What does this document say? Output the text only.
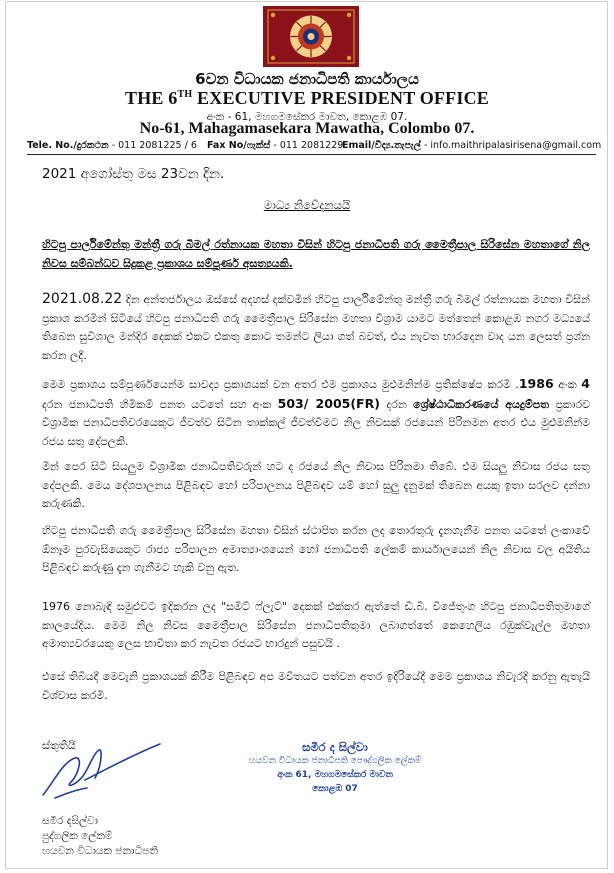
6වන විධායක ජනාධිපති කාර්යාලය
THE 6TH EXECUTIVE PRESIDENT OFFICE
අංක - 61, මහගමසේකර මාවත, කොළඹ 07.
No-61, Mahagamasekara Mawatha, Colombo 07.
Tele. No./දුරකථන - 011 2081225 / 6 Fax No/ෆැක්ස් - 011 2081229
Email/විද්‍ය.තැපැල් - info.maithripalasirisena@gmail.com
2021 අගෝස්තු මස 23වන දින.
මාධ්‍ය නිවේදනයයි
හිටපු පාර්ලිමේන්තු මන්ත්‍රී ගරු බිමල් රත්නායක මහතා විසින් හිටපු ජනාධිපති ගරු මෛත්‍රීපාල සිරිසේන මහතාගේ නිල නිවස සම්බන්ධව සිදුකළ ප්‍රකාශය සම්පූර්ණ අසත්‍යයකි.
2021.08.22 දින අන්තර්ජාලය ඔස්සේ අදහස් දක්වමින් හිටපු පාර්ලිමේන්තු මන්ත්‍රී ගරු බිමල් රත්නායක මහතා විසින් ප්‍රකාශ කරමින් සිටියේ හිටපු ජනාධිපති ගරු මෛත්‍රීපාල සිරිසේන මහතා විශ්‍රාම යාමට මත්තෙන් කොළඹ නගර මධ්‍යයේ තිබෙන සුවිශාල මන්දිර දෙකක් එකට එකතු කොට තමන්ට ලියා ගත් බවත්, එය නැවත භාරදෙන වාද යන ලෙසත් ප්‍රශ්න කරන ලදී.
මෙම ප්‍රකාශය සම්පූර්ණයෙන්ම සාවද්‍ය ප්‍රකාශයක් වන අතර එම ප්‍රකාශය මුළුමනින්ම ප්‍රතික්ෂේප කරමි .1986 අංක 4 දරන ජනාධිපති හිමිකම් පනත යටතේ සහ අංක 503/ 2005(FR) දරන ශ්‍රේෂ්ඨාධිකරණයේ අයදුම්පත ප්‍රකාරව විශ්‍රාමික ජනාධිපතිවරයෙකුට ජීවත්ව සිටින තාක්කල් ජීවත්වීමට නිල නිවසක් රජයෙන් පිරිනමන අතර එය මුළුමනින්ම රජය සතු දේපලකි.
මින් පෙර සිටි සියලුම විශ්‍රාමික ජනාධිපතිවරුන් හට ද රජයේ නිල නිවාස පිරිනමා තිබේ. එම සියලු නිවාස රජය සතු දේපලකි. මෙය දේශපාලනය පිළිබඳව හෝ පරිපාලනය පිළිබඳව යම් හෝ සුලු දැනුමක් තිබෙන අයකු ඉතා සරලව දන්නා කරුණකි.
හිටපු ජනාධිපති ගරු මෛත්‍රීපාල සිරිසේන මහතා විසින් ස්ථාපිත කරන ලද තොරතුරු දැනගැනීම පනත යටතේ ලංකාවේ ඕනෑම පුරවැසියෙකුට රාජ්‍ය පරිපාලන අමාත්‍යාංශයෙන් හෝ ජනාධිපති ලේකම් කාර්යාලයෙන් නිල නිවාස වල අයිතිය පිළිබඳව කරුණු දැන ගැනීමට හැකි වනු ඇත.
1976 නොබැඳි සමුළුවට ඉදිකරන ලද "සමිට් ෆ්ලැට්" දෙකක් එක්කර ඇත්තේ ඩී.බී. විජේතුංග හිටපු ජනාධිපතිතුමාගේ කාලයේදිය. මෙම නිල නිවස මෛත්‍රීපාල සිරිසේන ජනාධිපතිතුමා ලබාගත්තේ කෙහෙලිය රඹුක්වැල්ල මහතා අමාත්‍යවරයෙකු ලෙස භාවිතා කර නැවත රජයට භාරදුන් පසුවයි .
එසේ තිබියදී මෙවැනි ප්‍රකාශයක් කිරීම පිළිබඳව අප මවිතයට පත්වන අතර ඉදිරියේදී මෙම ප්‍රකාශය නිවැරදි කරනු ඇතැයි විශ්වාස කරමි.
ස්තුතියි	සමීර ද සිල්වා
හයවන විධායක ජනාධිපති පෞද්ගලික ලේකම්
අංක 61, මහගමසේකර මාවත
කොළඹ 07
සමීර දසිල්වා
පුද්ගලික ලේකම්
හයවන විධායක ජනාධිපති
